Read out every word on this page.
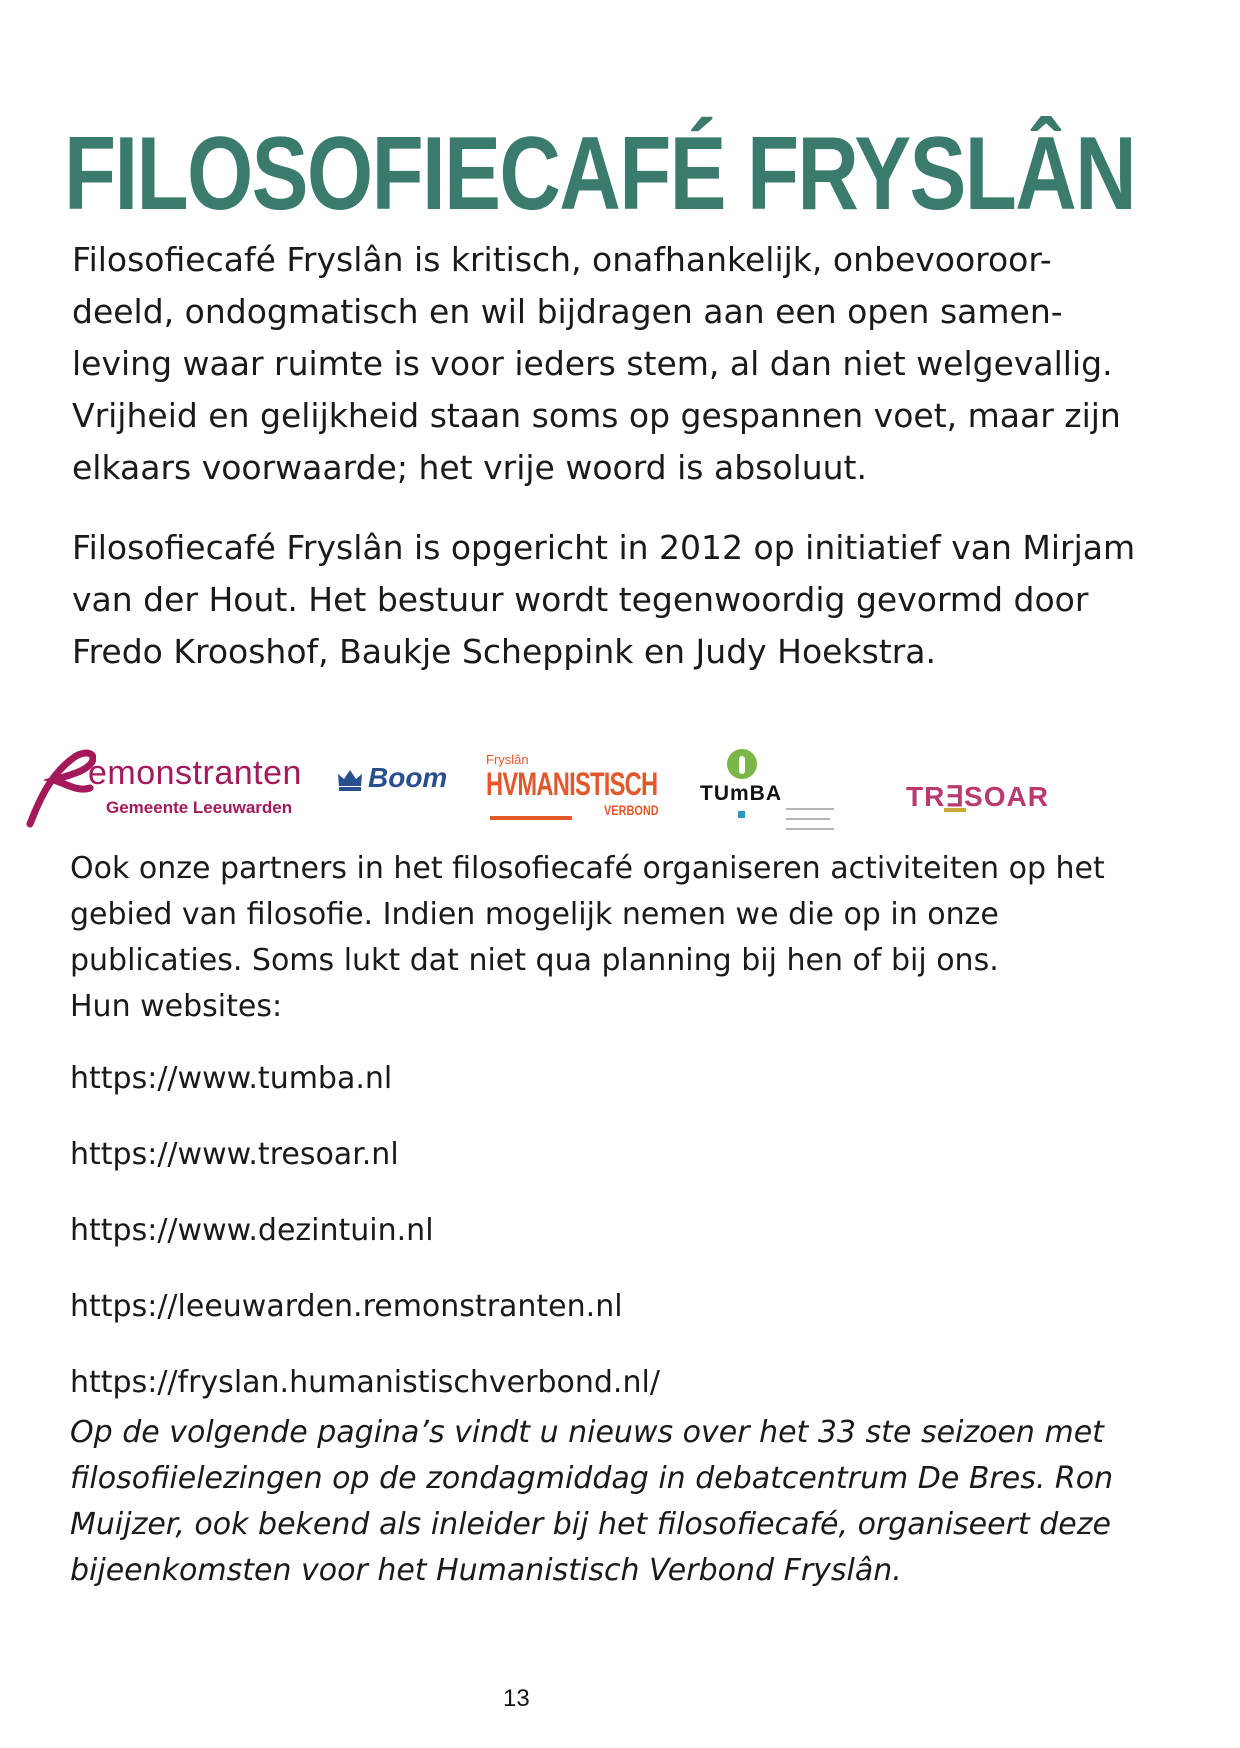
FILOSOFIECAFÉ FRYSLÂN

Filosofiecafé Fryslân is kritisch, onafhankelijk, onbevooroor-deeld, ondogmatisch en wil bijdragen aan een open samen-leving waar ruimte is voor ieders stem, al dan niet welgevallig. Vrijheid en gelijkheid staan soms op gespannen voet, maar zijn elkaars voorwaarde; het vrije woord is absoluut.

Filosofiecafé Fryslân is opgericht in 2012 op initiatief van Mirjam van der Hout. Het bestuur wordt tegenwoordig gevormd door Fredo Krooshof, Baukje Scheppink en Judy Hoekstra.

emonstranten
Gemeente Leeuwarden
Boom
Fryslân
HVMANISTISCH
VERBOND
TUmBA	TR∃SOAR
Ook onze partners in het filosofiecafé organiseren activiteiten op het gebied van filosofie. Indien mogelijk nemen we die op in onze publicaties. Soms lukt dat niet qua planning bij hen of bij ons.
Hun websites:
https://www.tumba.nl
https://www.tresoar.nl
https://www.dezintuin.nl
https://leeuwarden.remonstranten.nl
https://fryslan.humanistischverbond.nl/

Op de volgende pagina’s vindt u nieuws over het 33 ste seizoen met filosofiielezingen op de zondagmiddag in debatcentrum De Bres. Ron Muijzer, ook bekend als inleider bij het filosofiecafé, organiseert deze bijeenkomsten voor het Humanistisch Verbond Fryslân.

13
